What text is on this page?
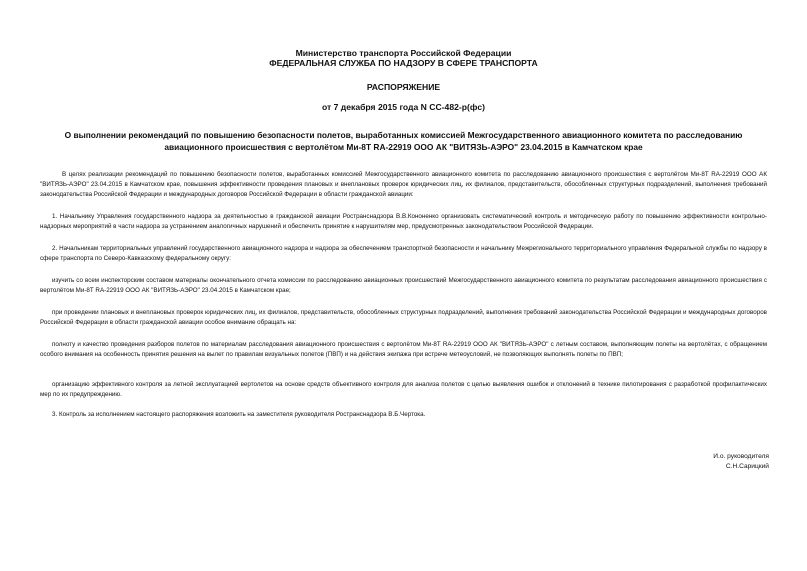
Министерство транспорта Российской Федерации
ФЕДЕРАЛЬНАЯ СЛУЖБА ПО НАДЗОРУ В СФЕРЕ ТРАНСПОРТА
РАСПОРЯЖЕНИЕ
от 7 декабря 2015 года N СС-482-р(фс)
О выполнении рекомендаций по повышению безопасности полетов, выработанных комиссией Межгосударственного авиационного комитета по расследованию
авиационного происшествия с вертолётом Ми-8Т RA-22919 ООО АК "ВИТЯЗЬ-АЭРО" 23.04.2015 в Камчатском крае

В целях реализации рекомендаций по повышению безопасности полетов, выработанных комиссией Межгосударственного авиационного комитета по расследованию авиационного происшествия с вертолётом Ми-8Т RA-22919 ООО АК "ВИТЯЗЬ-АЭРО" 23.04.2015 в Камчатском крае, повышения эффективности проведения плановых и внеплановых проверок юридических лиц, их филиалов, представительств, обособленных структурных подразделений, выполнения требований законодательства Российской Федерации и международных договоров Российской Федерации в области гражданской авиации:

1. Начальнику Управления государственного надзора за деятельностью в гражданской авиации Ространснадзора В.В.Кононенко организовать систематический контроль и методическую работу по повышению эффективности контрольно-надзорных мероприятий в части надзора за устранением аналогичных нарушений и обеспечить принятие к нарушителям мер, предусмотренных законодательством Российской Федерации.

2. Начальникам территориальных управлений государственного авиационного надзора и надзора за обеспечением транспортной безопасности и начальнику Межрегионального территориального управления Федеральной службы по надзору в сфере транспорта по Северо-Кавказскому федеральному округу:

изучить со всем инспекторским составом материалы окончательного отчета комиссии по расследованию авиационных происшествий Межгосударственного авиационного комитета по результатам расследования авиационного происшествия с вертолётом Ми-8Т RA-22919 ООО АК "ВИТЯЗЬ-АЭРО" 23.04.2015 в Камчатском крае;

при проведении плановых и внеплановых проверок юридических лиц, их филиалов, представительств, обособленных структурных подразделений, выполнения требований законодательства Российской Федерации и международных договоров Российской Федерации в области гражданской авиации особое внимание обращать на:

полноту и качество проведения разборов полетов по материалам расследования авиационного происшествия с вертолётом Ми-8Т RA-22919 ООО АК "ВИТЯЗЬ-АЭРО" с летным составом, выполняющим полеты на вертолётах, с обращением особого внимания на особенность принятия решения на вылет по правилам визуальных полетов (ПВП) и на действия экипажа при встрече метеоусловий, не позволяющих выполнять полеты по ПВП;

организацию эффективного контроля за летной эксплуатацией вертолетов на основе средств объективного контроля для анализа полетов с целью выявления ошибок и отклонений в технике пилотирования с разработкой профилактических мер по их предупреждению.

3. Контроль за исполнением настоящего распоряжения возложить на заместителя руководителя Ространснадзора В.Б.Чертока.

И.о. руководителя
С.Н.Сарицкий
